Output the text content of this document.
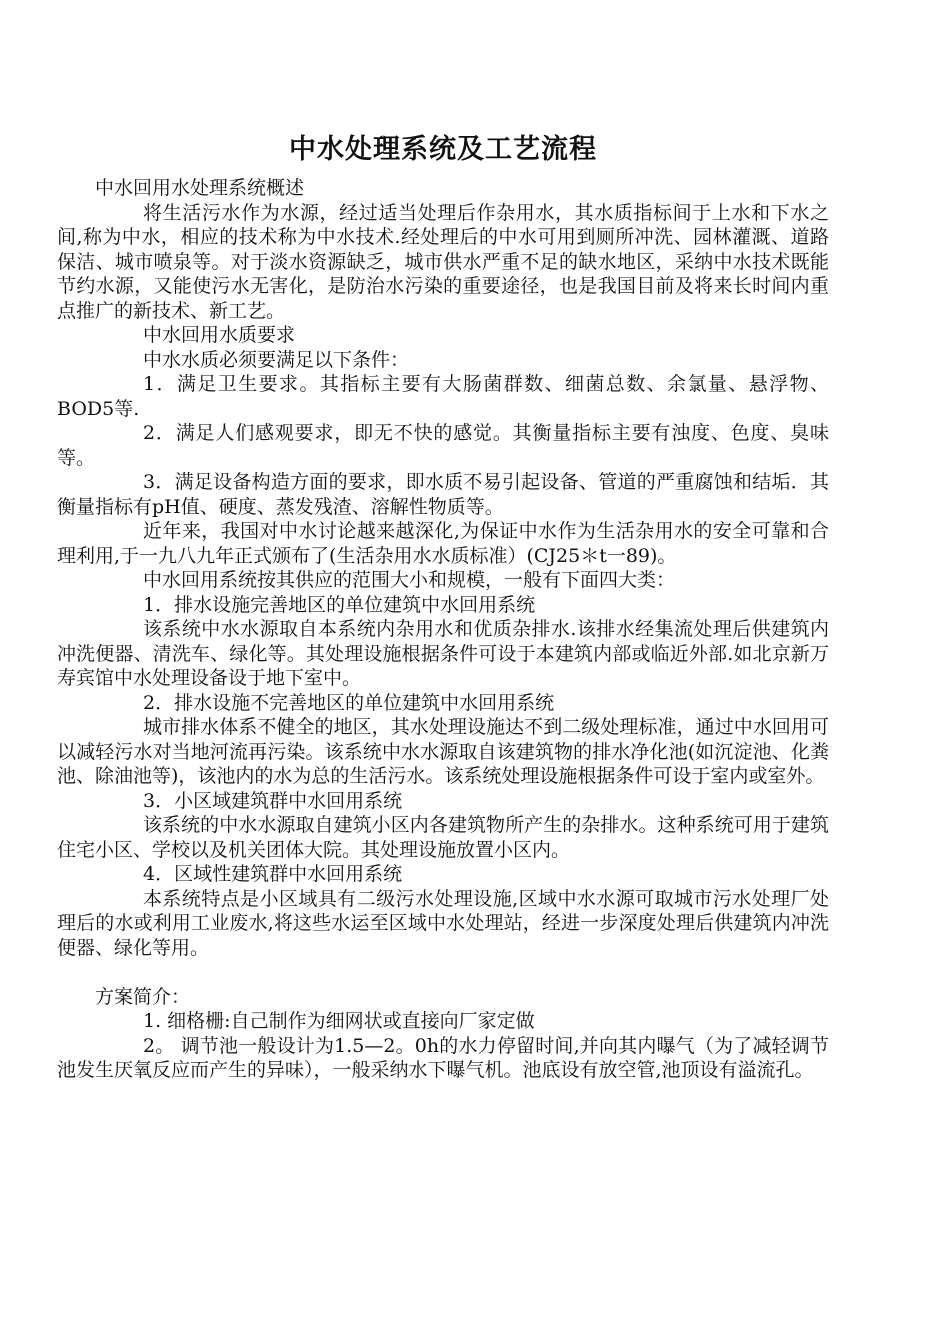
中水处理系统及工艺流程

中水回用水处理系统概述

将生活污水作为水源，经过适当处理后作杂用水，其水质指标间于上水和下水之间,称为中水，相应的技术称为中水技术.经处理后的中水可用到厕所冲洗、园林灌溉、道路保洁、城市喷泉等。对于淡水资源缺乏，城市供水严重不足的缺水地区，采纳中水技术既能节约水源，又能使污水无害化，是防治水污染的重要途径，也是我国目前及将来长时间内重点推广的新技术、新工艺。

中水回用水质要求

中水水质必须要满足以下条件：

1．满足卫生要求。其指标主要有大肠菌群数、细菌总数、余氯量、悬浮物、BOD5等.

2．满足人们感观要求，即无不快的感觉。其衡量指标主要有浊度、色度、臭味等。

3．满足设备构造方面的要求，即水质不易引起设备、管道的严重腐蚀和结垢．其衡量指标有pH值、硬度、蒸发残渣、溶解性物质等。

近年来，我国对中水讨论越来越深化,为保证中水作为生活杂用水的安全可靠和合理利用,于一九八九年正式颁布了(生活杂用水水质标准）(CJ25＊t一89)。

中水回用系统按其供应的范围大小和规模，一般有下面四大类：

1．排水设施完善地区的单位建筑中水回用系统

该系统中水水源取自本系统内杂用水和优质杂排水.该排水经集流处理后供建筑内冲洗便器、清洗车、绿化等。其处理设施根据条件可设于本建筑内部或临近外部.如北京新万寿宾馆中水处理设备设于地下室中。

2．排水设施不完善地区的单位建筑中水回用系统

城市排水体系不健全的地区，其水处理设施达不到二级处理标准，通过中水回用可以减轻污水对当地河流再污染。该系统中水水源取自该建筑物的排水净化池(如沉淀池、化粪池、除油池等)，该池内的水为总的生活污水。该系统处理设施根据条件可设于室内或室外。

3．小区域建筑群中水回用系统

该系统的中水水源取自建筑小区内各建筑物所产生的杂排水。这种系统可用于建筑住宅小区、学校以及机关团体大院。其处理设施放置小区内。

4．区域性建筑群中水回用系统

本系统特点是小区域具有二级污水处理设施,区域中水水源可取城市污水处理厂处理后的水或利用工业废水,将这些水运至区域中水处理站，经进一步深度处理后供建筑内冲洗便器、绿化等用。

方案简介：

1. 细格栅:自己制作为细网状或直接向厂家定做

2。 调节池一般设计为1.5—2。0h的水力停留时间,并向其内曝气（为了减轻调节池发生厌氧反应而产生的异味），一般采纳水下曝气机。池底设有放空管,池顶设有溢流孔。
